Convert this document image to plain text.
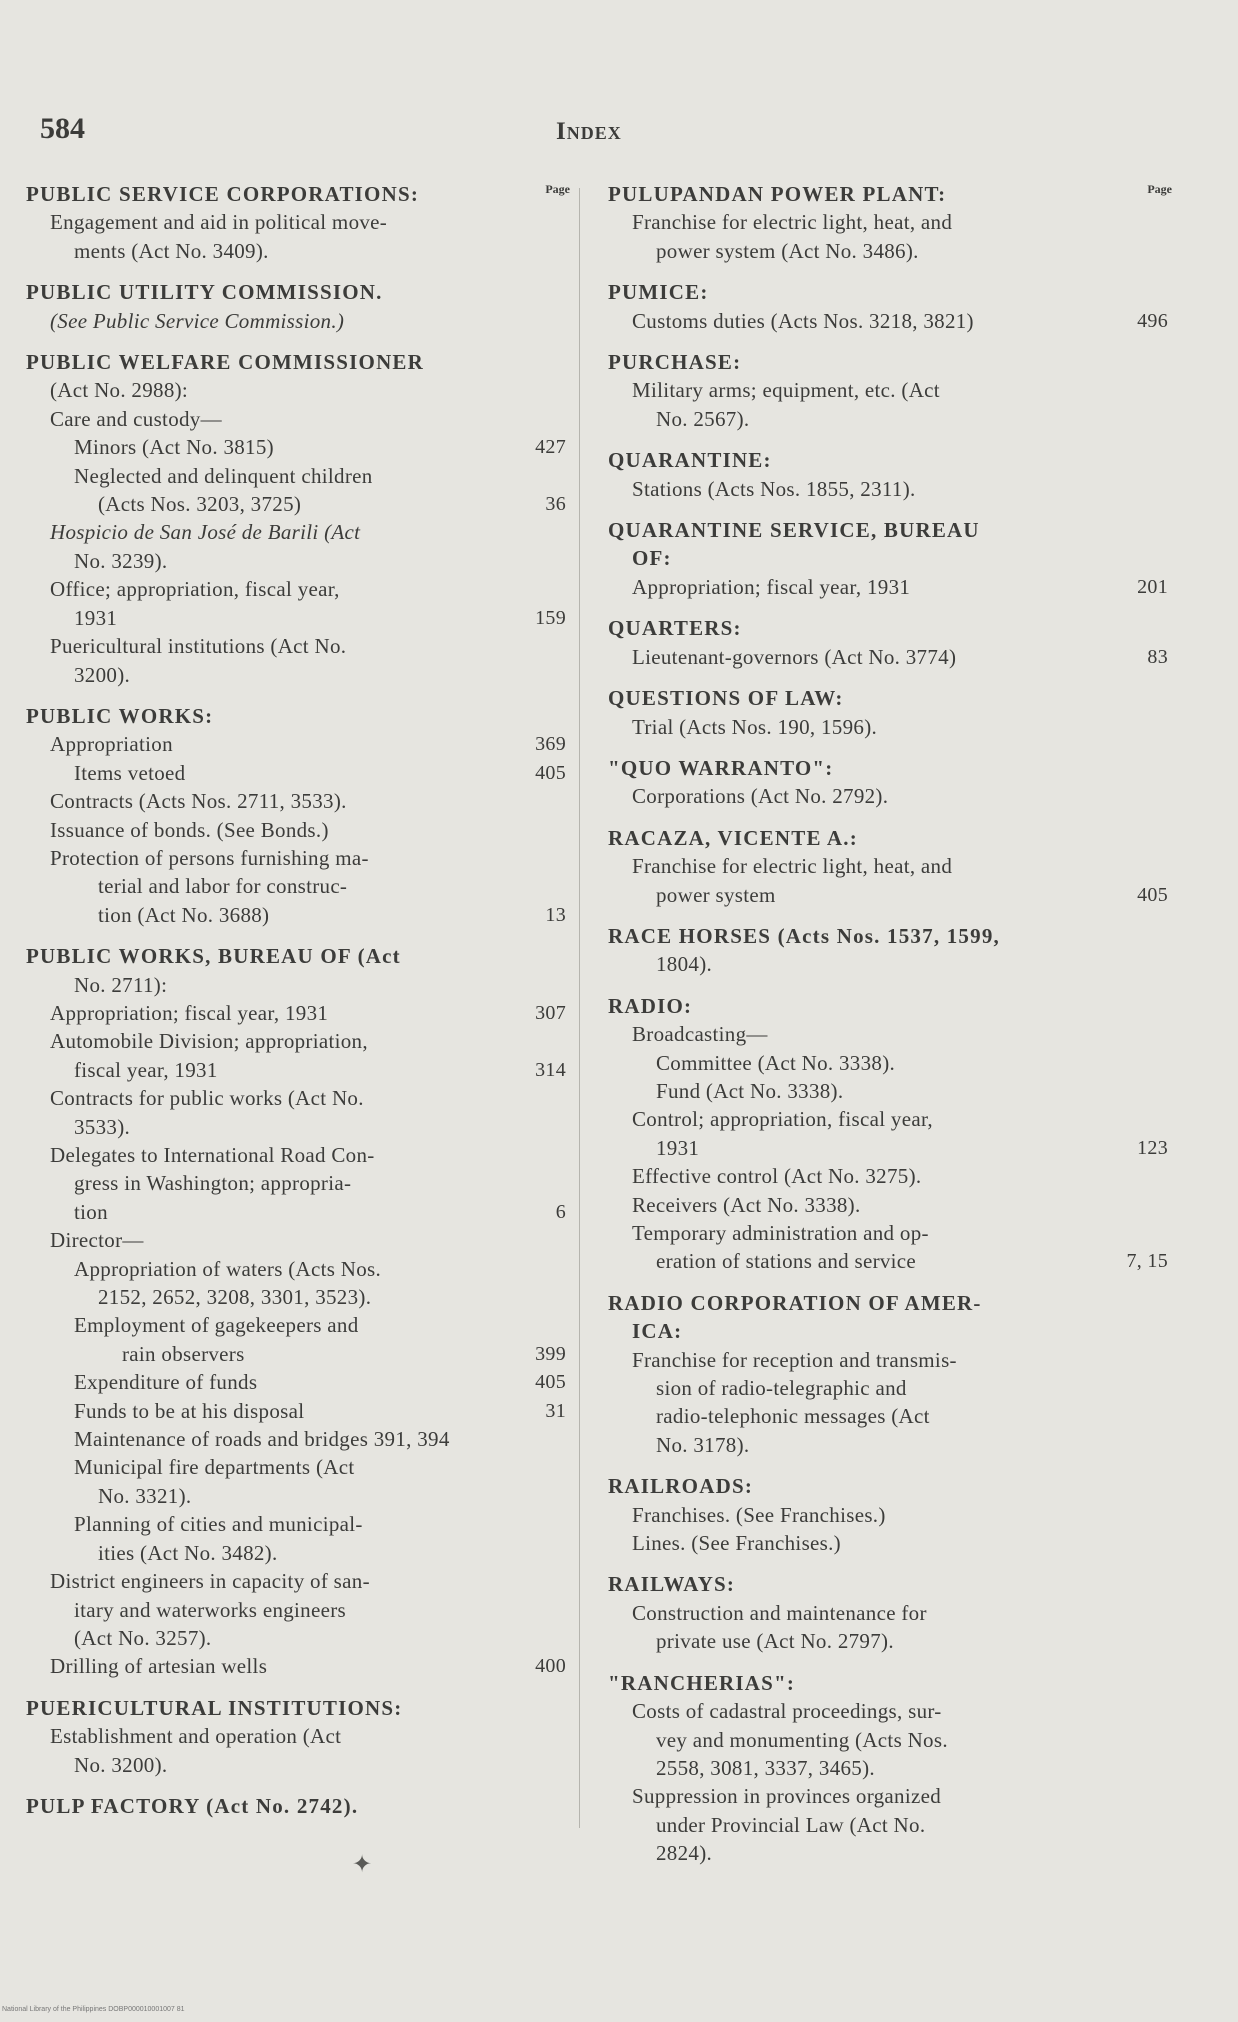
584	Index
Page
PUBLIC SERVICE CORPORATIONS:
Engagement and aid in political move-
ments (Act No. 3409).
PUBLIC UTILITY COMMISSION.
(See Public Service Commission.)
PUBLIC WELFARE COMMISSIONER
(Act No. 2988):
Care and custody—
Minors (Act No. 3815)	427
Neglected and delinquent children
(Acts Nos. 3203, 3725)	36
Hospicio de San José de Barili (Act
No. 3239).
Office; appropriation, fiscal year,
1931	159
Puericultural institutions (Act No.
3200).
PUBLIC WORKS:
Appropriation	369
Items vetoed	405
Contracts (Acts Nos. 2711, 3533).
Issuance of bonds. (See Bonds.)
Protection of persons furnishing ma-
terial and labor for construc-
tion (Act No. 3688)	13
PUBLIC WORKS, BUREAU OF (Act
No. 2711):
Appropriation; fiscal year, 1931	307
Automobile Division; appropriation,
fiscal year, 1931	314
Contracts for public works (Act No.
3533).
Delegates to International Road Con-
gress in Washington; appropria-
tion	6
Director—
Appropriation of waters (Acts Nos.
2152, 2652, 3208, 3301, 3523).
Employment of gagekeepers and
rain observers	399
Expenditure of funds	405
Funds to be at his disposal	31
Maintenance of roads and bridges 391, 394
Municipal fire departments (Act
No. 3321).
Planning of cities and municipal-
ities (Act No. 3482).
District engineers in capacity of san-
itary and waterworks engineers
(Act No. 3257).
Drilling of artesian wells	400
PUERICULTURAL INSTITUTIONS:
Establishment and operation (Act
No. 3200).
PULP FACTORY (Act No. 2742).
Page
PULUPANDAN POWER PLANT:
Franchise for electric light, heat, and
power system (Act No. 3486).
PUMICE:
Customs duties (Acts Nos. 3218, 3821)	496
PURCHASE:
Military arms; equipment, etc. (Act
No. 2567).
QUARANTINE:
Stations (Acts Nos. 1855, 2311).
QUARANTINE SERVICE, BUREAU
OF:
Appropriation; fiscal year, 1931	201
QUARTERS:
Lieutenant-governors (Act No. 3774)	83
QUESTIONS OF LAW:
Trial (Acts Nos. 190, 1596).
"QUO WARRANTO":
Corporations (Act No. 2792).
RACAZA, VICENTE A.:
Franchise for electric light, heat, and
power system	405
RACE HORSES (Acts Nos. 1537, 1599,
1804).
RADIO:
Broadcasting—
Committee (Act No. 3338).
Fund (Act No. 3338).
Control; appropriation, fiscal year,
1931	123
Effective control (Act No. 3275).
Receivers (Act No. 3338).
Temporary administration and op-
eration of stations and service	7, 15
RADIO CORPORATION OF AMER-
ICA:
Franchise for reception and transmis-
sion of radio-telegraphic and
radio-telephonic messages (Act
No. 3178).
RAILROADS:
Franchises. (See Franchises.)
Lines. (See Franchises.)
RAILWAYS:
Construction and maintenance for
private use (Act No. 2797).
"RANCHERIAS":
Costs of cadastral proceedings, sur-
vey and monumenting (Acts Nos.
2558, 3081, 3337, 3465).
Suppression in provinces organized
under Provincial Law (Act No.
2824).
✦
National Library of the Philippines DOBP000010001007 81
